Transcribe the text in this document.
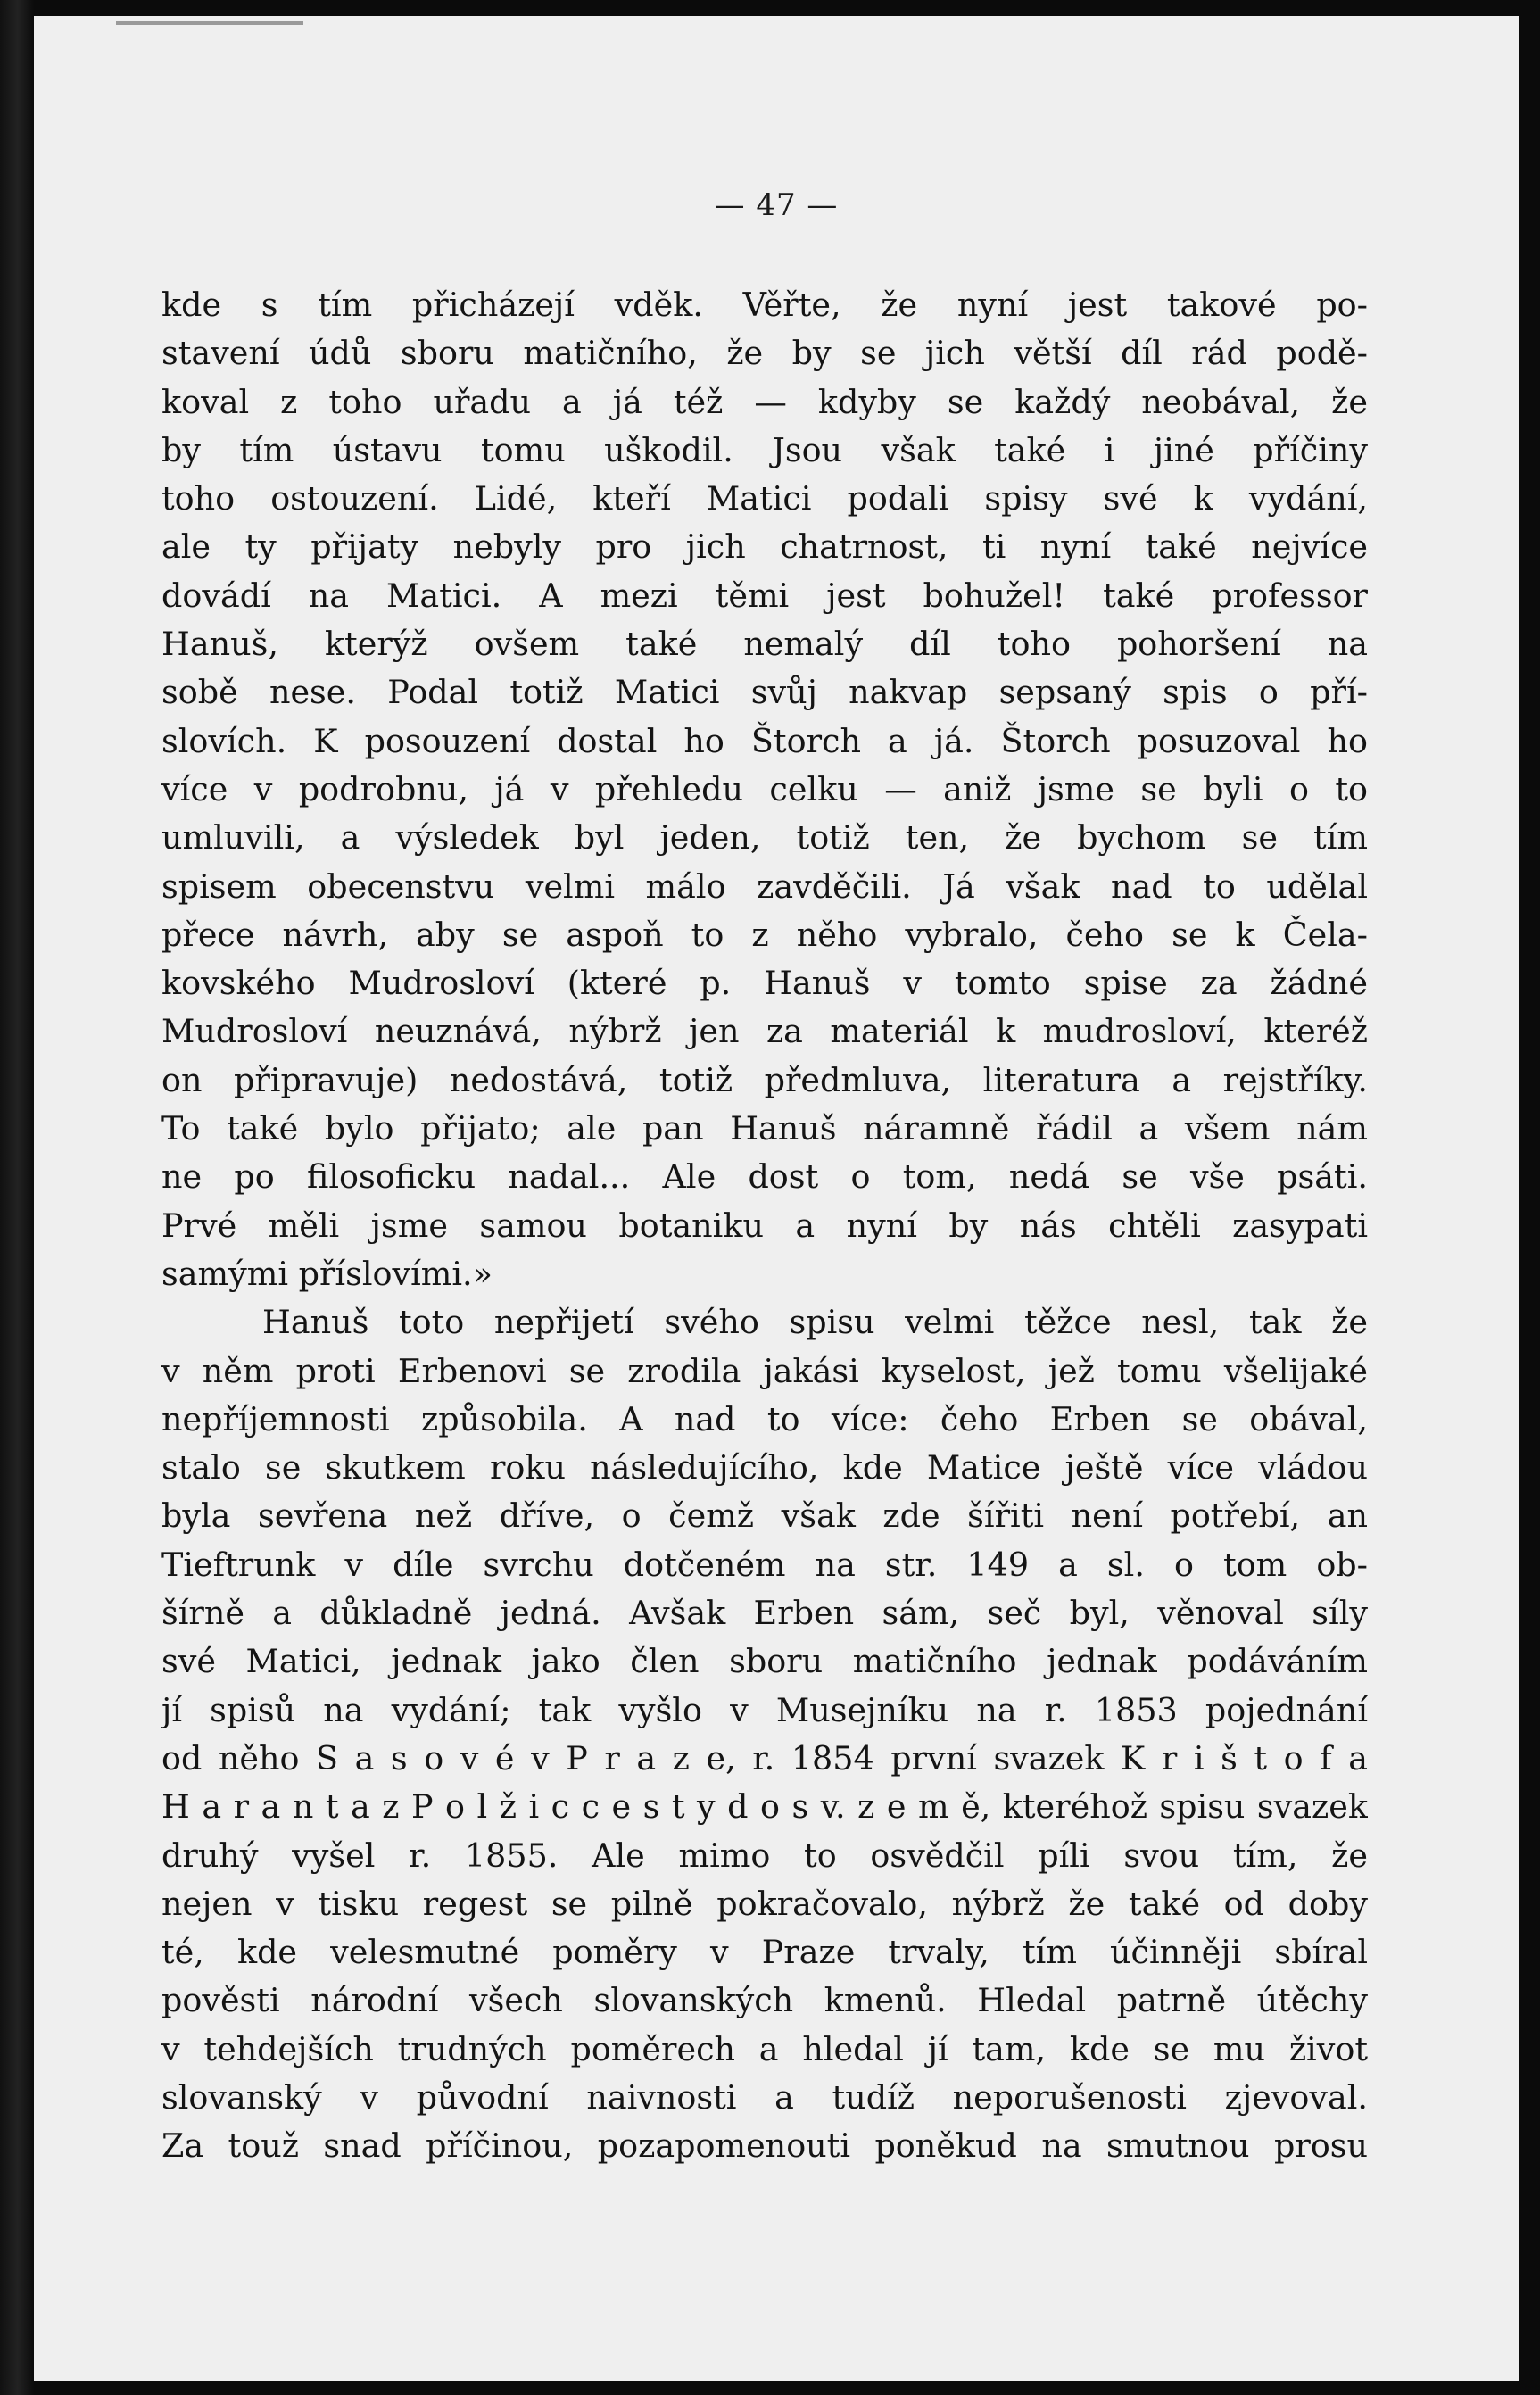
— 47 —
kde s tím přicházejí vděk. Věřte, že nyní jest takové po-
stavení údů sboru matičního, že by se jich větší díl rád podě-
koval z toho uřadu a já též — kdyby se každý neobával, že
by tím ústavu tomu uškodil. Jsou však také i jiné příčiny
toho ostouzení. Lidé, kteří Matici podali spisy své k vydání,
ale ty přijaty nebyly pro jich chatrnost, ti nyní také nejvíce
dovádí na Matici. A mezi těmi jest bohužel! také professor
Hanuš, kterýž ovšem také nemalý díl toho pohoršení na
sobě nese. Podal totiž Matici svůj nakvap sepsaný spis o pří-
slovích. K posouzení dostal ho Štorch a já. Štorch posuzoval ho
více v podrobnu, já v přehledu celku — aniž jsme se byli o to
umluvili, a výsledek byl jeden, totiž ten, že bychom se tím
spisem obecenstvu velmi málo zavděčili. Já však nad to udělal
přece návrh, aby se aspoň to z něho vybralo, čeho se k Čela-
kovského Mudrosloví (které p. Hanuš v tomto spise za žádné
Mudrosloví neuznává, nýbrž jen za materiál k mudrosloví, kteréž
on připravuje) nedostává, totiž předmluva, literatura a rejstříky.
To také bylo přijato; ale pan Hanuš náramně řádil a všem nám
ne po filosoficku nadal... Ale dost o tom, nedá se vše psáti.
Prvé měli jsme samou botaniku a nyní by nás chtěli zasypati
samými příslovími.»
Hanuš toto nepřijetí svého spisu velmi těžce nesl, tak že
v něm proti Erbenovi se zrodila jakási kyselost, jež tomu všelijaké
nepříjemnosti způsobila. A nad to více: čeho Erben se obával,
stalo se skutkem roku následujícího, kde Matice ještě více vládou
byla sevřena než dříve, o čemž však zde šířiti není potřebí, an
Tieftrunk v díle svrchu dotčeném na str. 149 a sl. o tom ob-
šírně a důkladně jedná. Avšak Erben sám, seč byl, věnoval síly
své Matici, jednak jako člen sboru matičního jednak podáváním
jí spisů na vydání; tak vyšlo v Musejníku na r. 1853 pojednání
od něho S a s o v é v P r a z e, r. 1854 první svazek K r i š t o f a
H a r a n t a z P o l ž i c c e s t y d o s v. z e m ě, kteréhož spisu svazek
druhý vyšel r. 1855. Ale mimo to osvědčil píli svou tím, že
nejen v tisku regest se pilně pokračovalo, nýbrž že také od doby
té, kde velesmutné poměry v Praze trvaly, tím účinněji sbíral
pověsti národní všech slovanských kmenů. Hledal patrně útěchy
v tehdejších trudných poměrech a hledal jí tam, kde se mu život
slovanský v původní naivnosti a tudíž neporušenosti zjevoval.
Za touž snad příčinou, pozapomenouti poněkud na smutnou prosu
